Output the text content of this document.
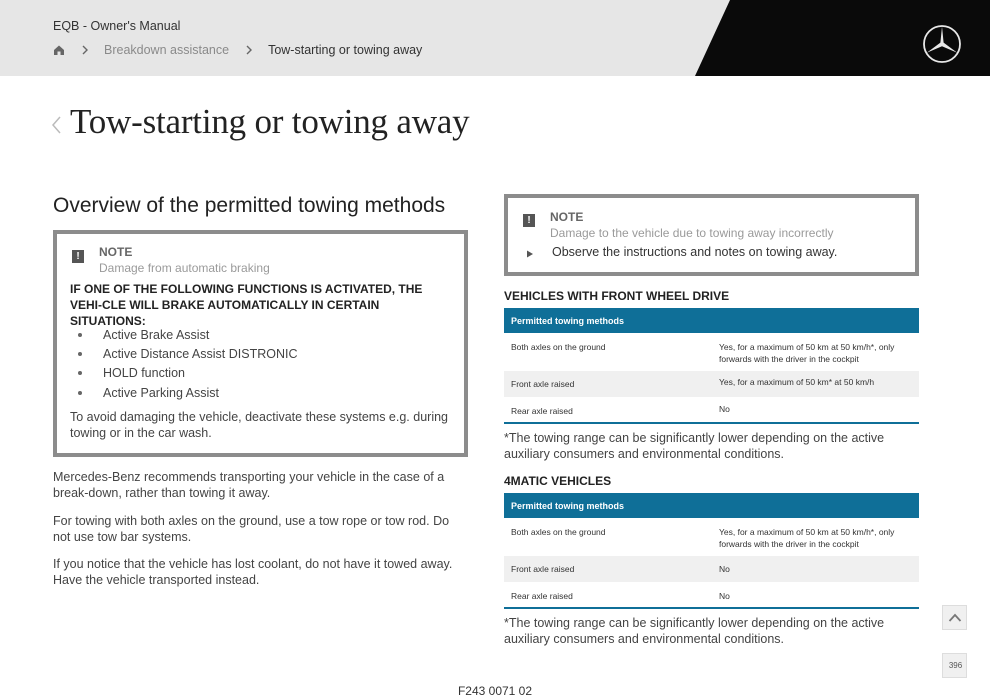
EQB - Owner's Manual
Breakdown assistance	Tow-starting or towing away
Tow-starting or towing away
Overview of the permitted towing methods
!	NOTE
Damage from automatic braking
IF ONE OF THE FOLLOWING FUNCTIONS IS ACTIVATED, THE VEHI-CLE WILL BRAKE AUTOMATICALLY IN CERTAIN SITUATIONS:
Active Brake Assist
Active Distance Assist DISTRONIC
HOLD function
Active Parking Assist
To avoid damaging the vehicle, deactivate these systems e.g. during towing or in the car wash.
Mercedes-Benz recommends transporting your vehicle in the case of a break-down, rather than towing it away.
For towing with both axles on the ground, use a tow rope or tow rod. Do not use tow bar systems.
If you notice that the vehicle has lost coolant, do not have it towed away. Have the vehicle transported instead.
!	NOTE
Damage to the vehicle due to towing away incorrectly
Observe the instructions and notes on towing away.
VEHICLES WITH FRONT WHEEL DRIVE
Permitted towing methods
Both axles on the ground	Yes, for a maximum of 50 km at 50 km/h*, only forwards with the driver in the cockpit
Front axle raised	Yes, for a maximum of 50 km* at 50 km/h
Rear axle raised	No
*The towing range can be significantly lower depending on the active auxiliary consumers and environmental conditions.
4MATIC VEHICLES
Permitted towing methods
Both axles on the ground	Yes, for a maximum of 50 km at 50 km/h*, only forwards with the driver in the cockpit
Front axle raised	No
Rear axle raised	No
*The towing range can be significantly lower depending on the active auxiliary consumers and environmental conditions.
396
F243 0071 02
